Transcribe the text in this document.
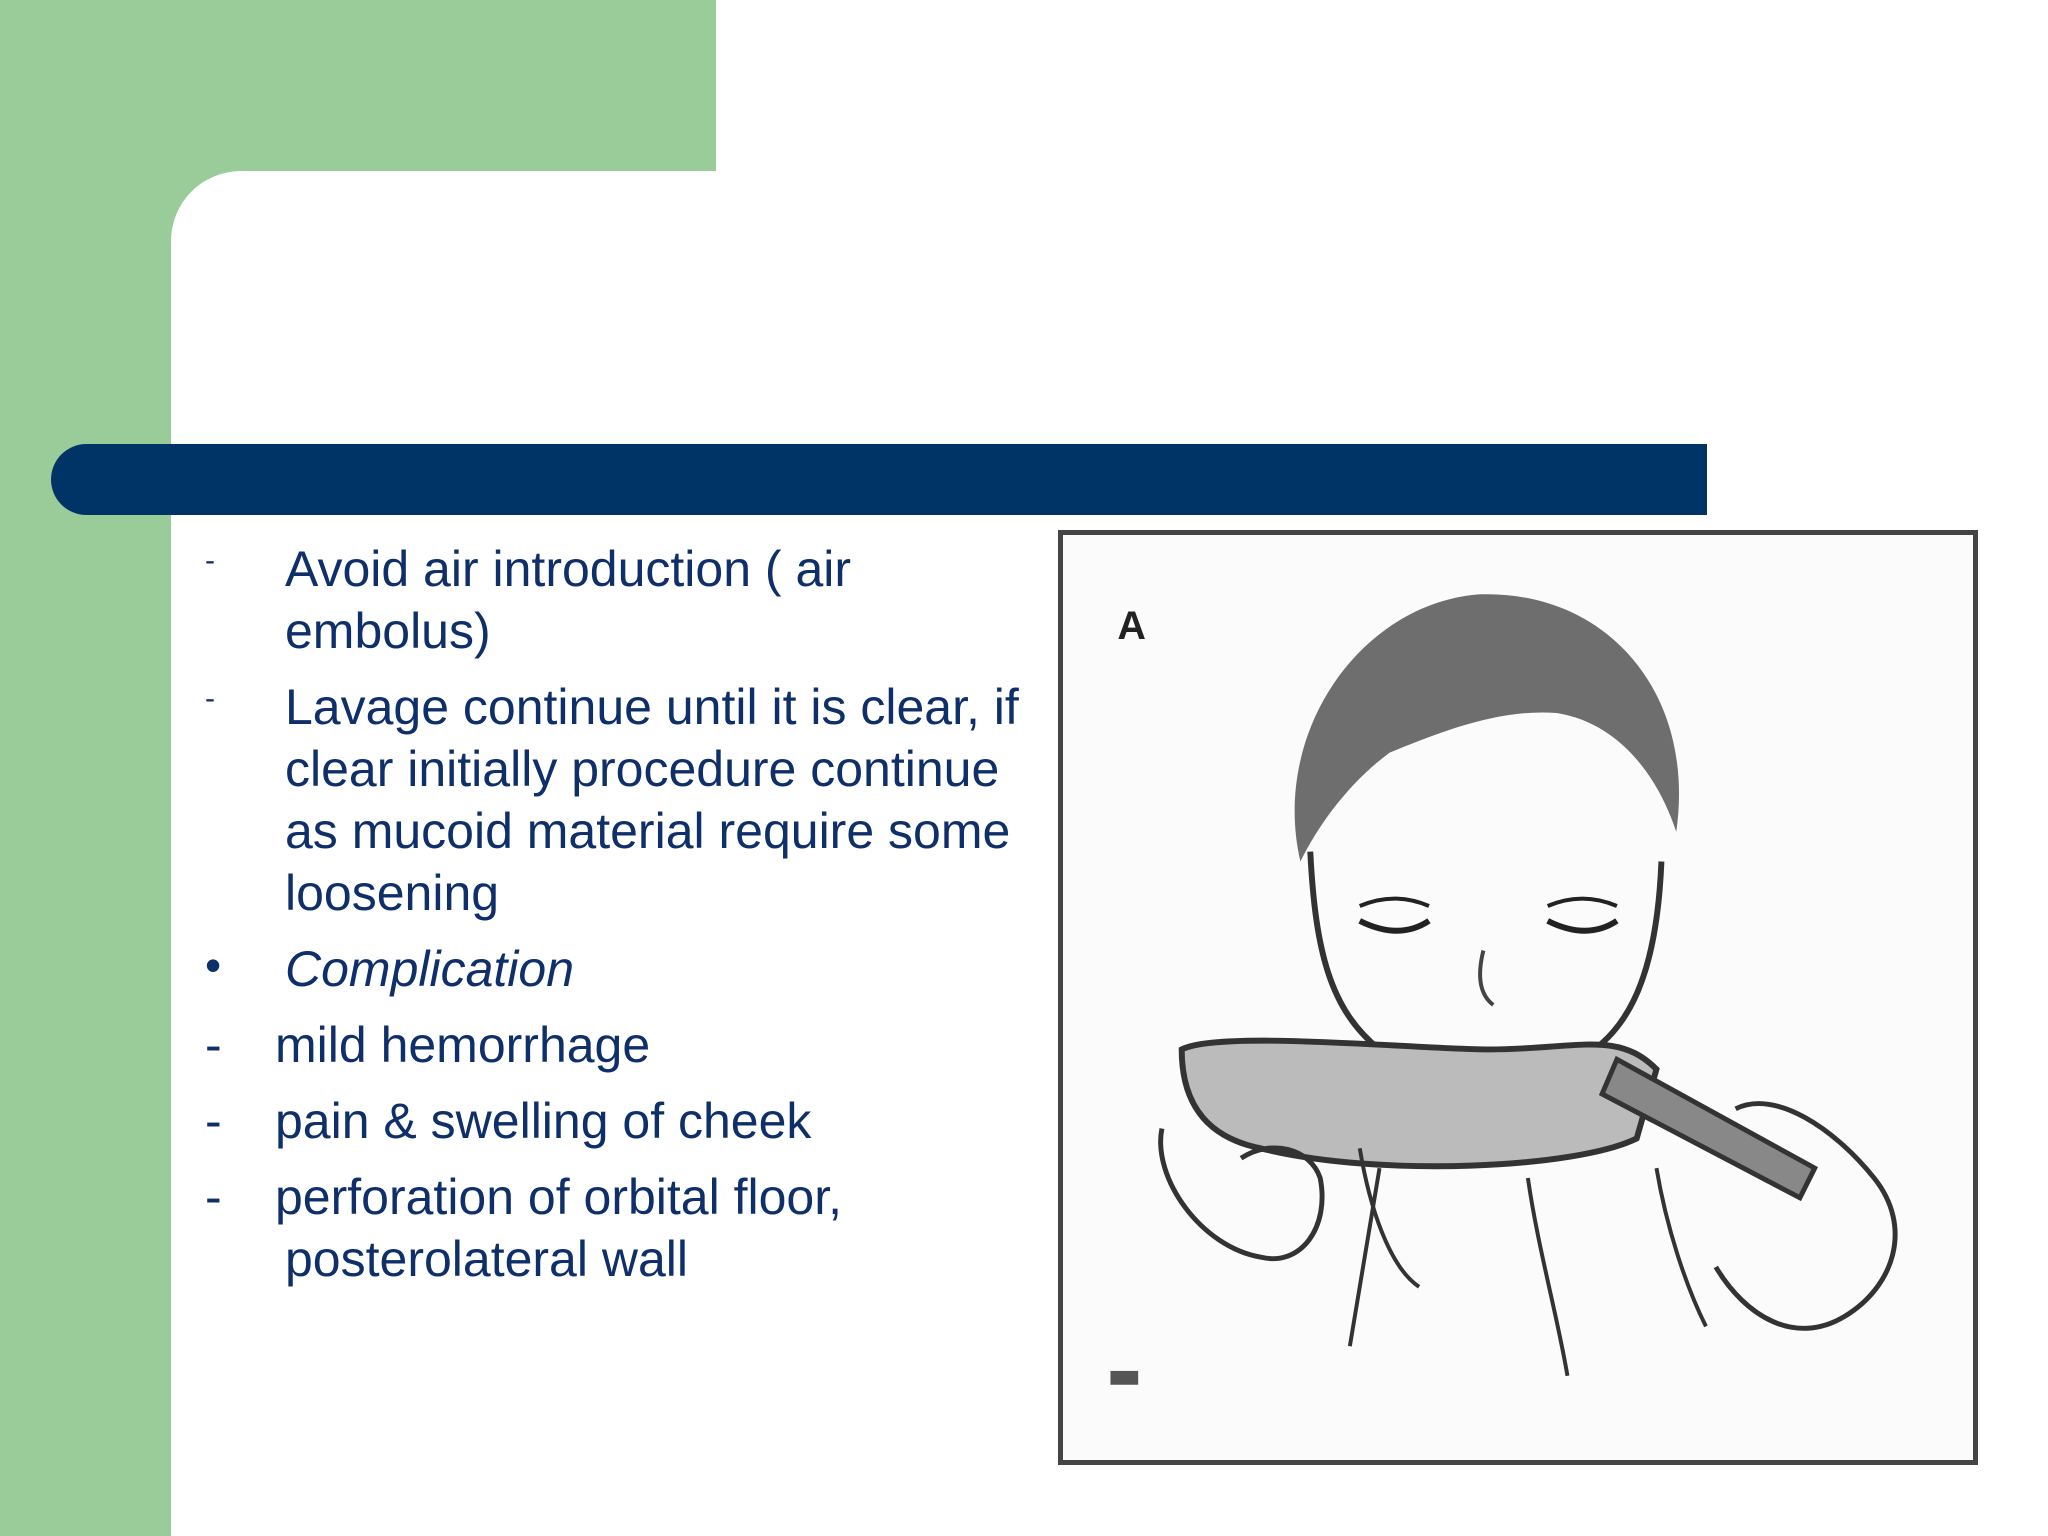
-	Avoid air introduction ( air embolus)
-	Lavage continue until it is clear, if clear initially procedure continue as mucoid material require some loosening
•	Complication
- mild hemorrhage
- pain & swelling of cheek
- perforation of orbital floor,
posterolateral wall
A
